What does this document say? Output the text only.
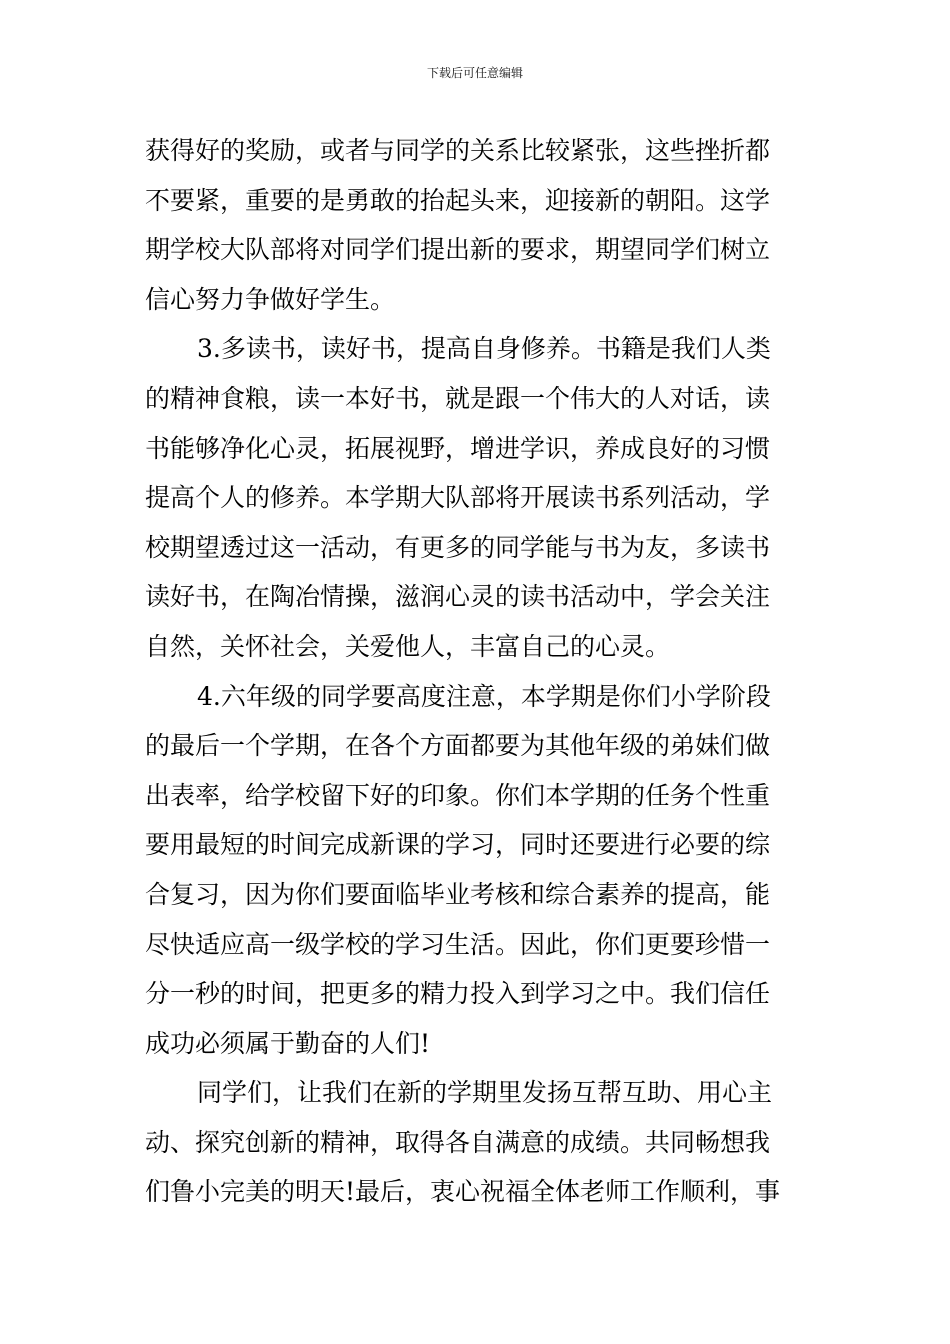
下载后可任意编辑
获得好的奖励，或者与同学的关系比较紧张，这些挫折都
不要紧，重要的是勇敢的抬起头来，迎接新的朝阳。这学
期学校大队部将对同学们提出新的要求，期望同学们树立
信心努力争做好学生。
3.多读书，读好书，提高自身修养。书籍是我们人类
的精神食粮，读一本好书，就是跟一个伟大的人对话，读
书能够净化心灵，拓展视野，增进学识，养成良好的习惯
提高个人的修养。本学期大队部将开展读书系列活动，学
校期望透过这一活动，有更多的同学能与书为友，多读书
读好书，在陶冶情操，滋润心灵的读书活动中，学会关注
自然，关怀社会，关爱他人，丰富自己的心灵。
4.六年级的同学要高度注意，本学期是你们小学阶段
的最后一个学期，在各个方面都要为其他年级的弟妹们做
出表率，给学校留下好的印象。你们本学期的任务个性重
要用最短的时间完成新课的学习，同时还要进行必要的综
合复习，因为你们要面临毕业考核和综合素养的提高，能
尽快适应高一级学校的学习生活。因此，你们更要珍惜一
分一秒的时间，把更多的精力投入到学习之中。我们信任
成功必须属于勤奋的人们!
同学们，让我们在新的学期里发扬互帮互助、用心主
动、探究创新的精神，取得各自满意的成绩。共同畅想我
们鲁小完美的明天!最后，衷心祝福全体老师工作顺利，事
